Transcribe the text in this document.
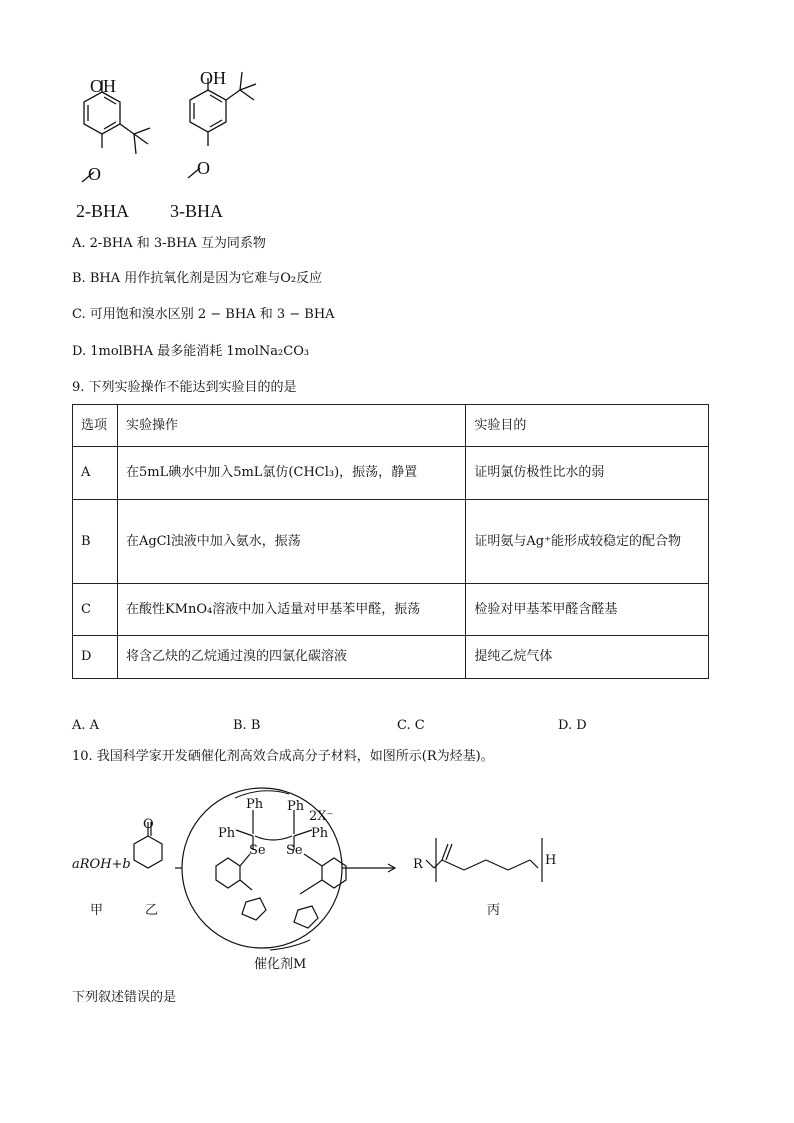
OH
O
OH
O
2-BHA 3-BHA
A. 2-BHA 和 3-BHA 互为同系物
B. BHA 用作抗氧化剂是因为它难与O₂反应
C. 可用饱和溴水区别 2 − BHA 和 3 − BHA
D. 1molBHA 最多能消耗 1molNa₂CO₃
9. 下列实验操作不能达到实验目的的是
选项	实验操作	实验目的
A	在5mL碘水中加入5mL氯仿(CHCl₃)，振荡，静置	证明氯仿极性比水的弱
B	在AgCl浊液中加入氨水，振荡	证明氨与Ag⁺能形成较稳定的配合物
C	在酸性KMnO₄溶液中加入适量对甲基苯甲醛，振荡	检验对甲基苯甲醛含醛基
D	将含乙炔的乙烷通过溴的四氯化碳溶液	提纯乙烷气体
A. A	B. B	C. C	D. D
10. 我国科学家开发硒催化剂高效合成高分子材料，如图所示(R为烃基)。
aROH+b
O
Ph Ph
Ph	Ph
2X⁻
Se Se
R	H
甲	乙	丙
催化剂M
下列叙述错误的是
